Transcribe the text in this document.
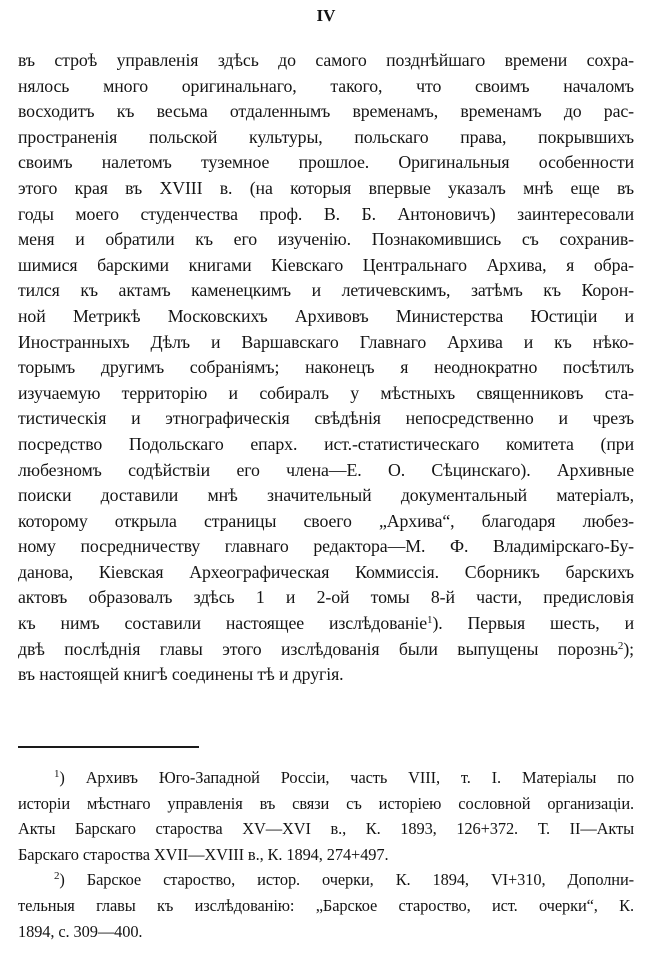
IV
въ строѣ управленія здѣсь до самого позднѣйшаго времени сохра-
нялось много оригинальнаго, такого, что своимъ началомъ
восходитъ къ весьма отдаленнымъ временамъ, временамъ до рас-
пространенія польской культуры, польскаго права, покрывшихъ
своимъ налетомъ туземное прошлое. Оригинальныя особенности
этого края въ XVIII в. (на которыя впервые указалъ мнѣ еще въ
годы моего студенчества проф. В. Б. Антоновичъ) заинтересовали
меня и обратили къ его изученію. Познакомившись съ сохранив-
шимися барскими книгами Кіевскаго Центральнаго Архива, я обра-
тился къ актамъ каменецкимъ и летичевскимъ, затѣмъ къ Корон-
ной Метрикѣ Московскихъ Архивовъ Министерства Юстиціи и
Иностранныхъ Дѣлъ и Варшавскаго Главнаго Архива и къ нѣко-
торымъ другимъ собраніямъ; наконецъ я неоднократно посѣтилъ
изучаемую территорію и собиралъ у мѣстныхъ священниковъ ста-
тистическія и этнографическія свѣдѣнія непосредственно и чрезъ
посредство Подольскаго епарх. ист.-статистическаго комитета (при
любезномъ содѣйствіи его члена—Е. О. Сѣцинскаго). Архивные
поиски доставили мнѣ значительный документальный матеріалъ,
которому открыла страницы своего „Архива“, благодаря любез-
ному посредничеству главнаго редактора—М. Ф. Владимірскаго-Бу-
данова, Кіевская Археографическая Коммиссія. Сборникъ барскихъ
актовъ образовалъ здѣсь 1 и 2-ой томы 8-й части, предисловія
къ нимъ составили настоящее изслѣдованіе$^1$). Первыя шесть, и
двѣ послѣднія главы этого изслѣдованія были выпущены порознь$^2$);
въ настоящей книгѣ соединены тѣ и другія.
$^1$) Архивъ Юго-Западной Россіи, часть VIII, т. I. Матеріалы по
исторіи мѣстнаго управленія въ связи съ исторіею сословной организаціи.
Акты Барскаго староства XV—XVI в., К. 1893, 126+372. Т. II—Акты
Барскаго староства XVII—XVIII в., К. 1894, 274+497.
$^2$) Барское староство, истор. очерки, К. 1894, VI+310, Дополни-
тельныя главы къ изслѣдованію: „Барское староство, ист. очерки“, К.
1894, с. 309—400.
